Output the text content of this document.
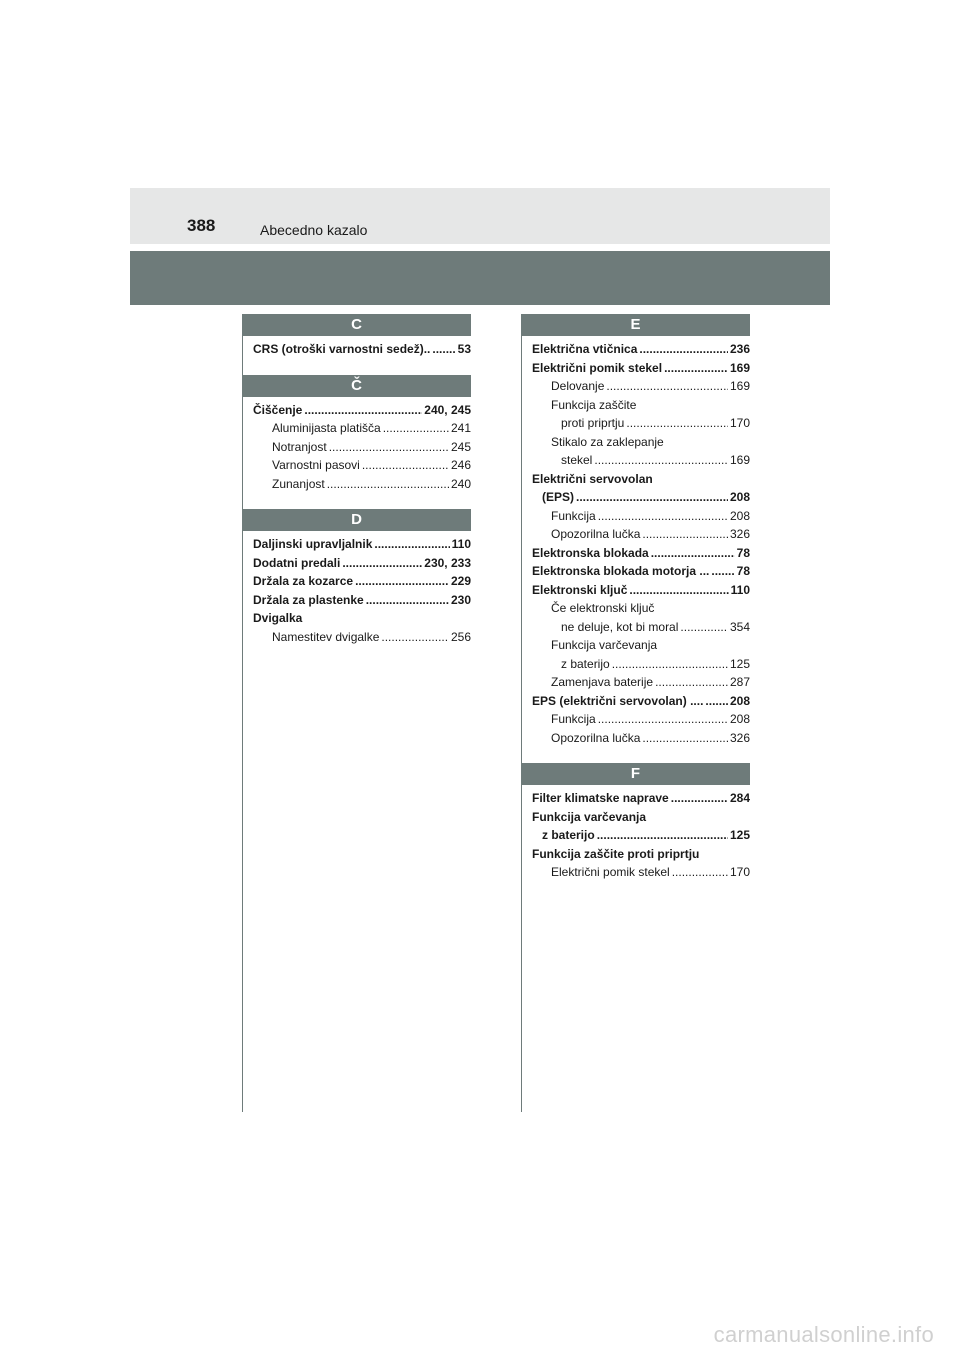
388	Abecedno kazalo
C
CRS (otroški varnostni sedež).. ..... 53
Č
Čiščenje .....	240, 245
Aluminijasta platišča .....	241
Notranjost .....	245
Varnostni pasovi .....	246
Zunanjost .....	240
D
Daljinski upravljalnik .....	110
Dodatni predali .....	230, 233
Držala za kozarce .....	229
Držala za plastenke .....	230
Dvigalka
Namestitev dvigalke .....	256
E
Električna vtičnica .....	236
Električni pomik stekel .....	169
Delovanje .....	169
Funkcija zaščite
proti priprtju .....	170
Stikalo za zaklepanje
stekel .....	169
Električni servovolan
(EPS) .....	208
Funkcija .....	208
Opozorilna lučka .....	326
Elektronska blokada .....	78
Elektronska blokada motorja ... ..... 78
Elektronski ključ .....	110
Če elektronski ključ
ne deluje, kot bi moral .....	354
Funkcija varčevanja
z baterijo .....	125
Zamenjava baterije .....	287
EPS (električni servovolan) .... ..... 208
Funkcija .....	208
Opozorilna lučka .....	326
F
Filter klimatske naprave .....	284
Funkcija varčevanja
z baterijo .....	125
Funkcija zaščite proti priprtju
Električni pomik stekel .....	170
carmanualsonline.info
